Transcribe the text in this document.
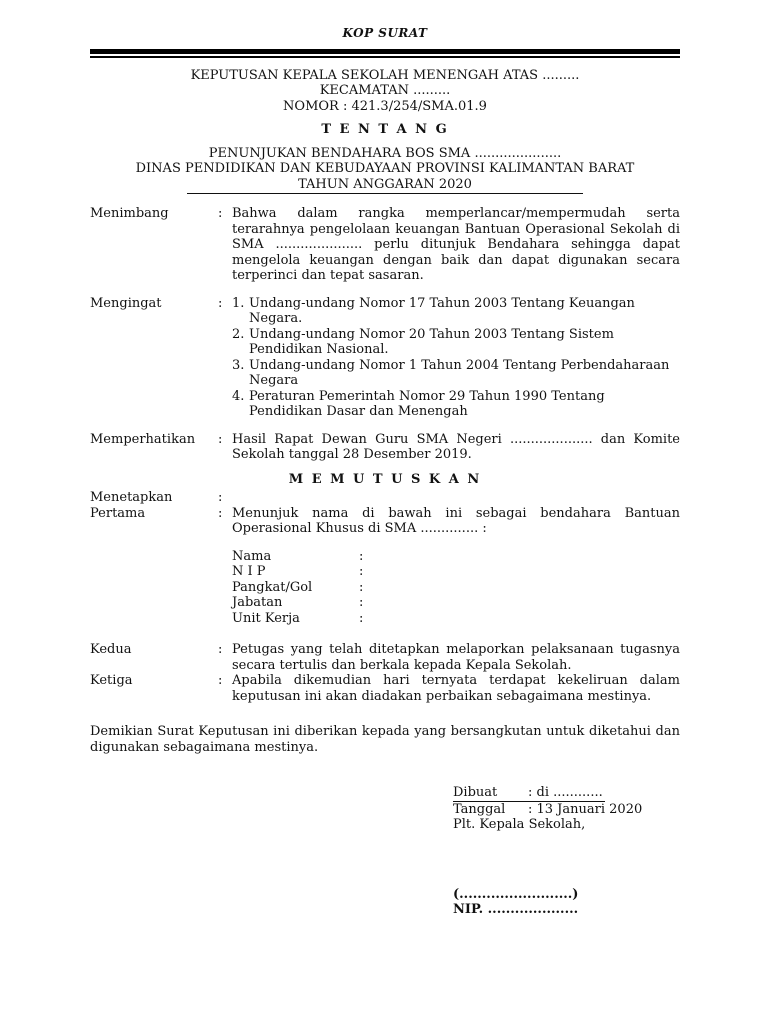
KOP SURAT
KEPUTUSAN KEPALA SEKOLAH MENENGAH ATAS .........
KECAMATAN .........
NOMOR : 421.3/254/SMA.01.9
T E N T A N G
PENUNJUKAN BENDAHARA BOS SMA .....................
DINAS PENDIDIKAN DAN KEBUDAYAAN PROVINSI KALIMANTAN BARAT
TAHUN ANGGARAN 2020
Menimbang	: Bahwa dalam rangka memperlancar/mempermudah serta terarahnya pengelolaan keuangan Bantuan Operasional Sekolah di SMA ..................... perlu ditunjuk Bendahara sehingga dapat mengelola keuangan dengan baik dan dapat digunakan secara terperinci dan tepat sasaran.
Mengingat	: 1. Undang-undang Nomor 17 Tahun 2003 Tentang Keuangan Negara.
2. Undang-undang Nomor 20 Tahun 2003 Tentang Sistem Pendidikan Nasional.
3. Undang-undang Nomor 1 Tahun 2004 Tentang Perbendaharaan Negara
4. Peraturan Pemerintah Nomor 29 Tahun 1990 Tentang Pendidikan Dasar dan Menengah
Memperhatikan	: Hasil Rapat Dewan Guru SMA Negeri .................... dan Komite Sekolah tanggal 28 Desember 2019.
M E M U T U S K A N
Menetapkan	:
Pertama	: Menunjuk nama di bawah ini sebagai bendahara Bantuan Operasional Khusus di SMA .............. :
Nama	:
N I P	:
Pangkat/Gol	:
Jabatan	:
Unit Kerja	:
Kedua	: Petugas yang telah ditetapkan melaporkan pelaksanaan tugasnya secara tertulis dan berkala kepada Kepala Sekolah.
Ketiga	: Apabila dikemudian hari ternyata terdapat kekeliruan dalam keputusan ini akan diadakan perbaikan sebagaimana mestinya.

Demikian Surat Keputusan ini diberikan kepada yang bersangkutan untuk diketahui dan digunakan sebagaimana mestinya.

Dibuat	: di ............
Tanggal	: 13 Januari 2020
Plt. Kepala Sekolah,
(.........................)
NIP. ....................
